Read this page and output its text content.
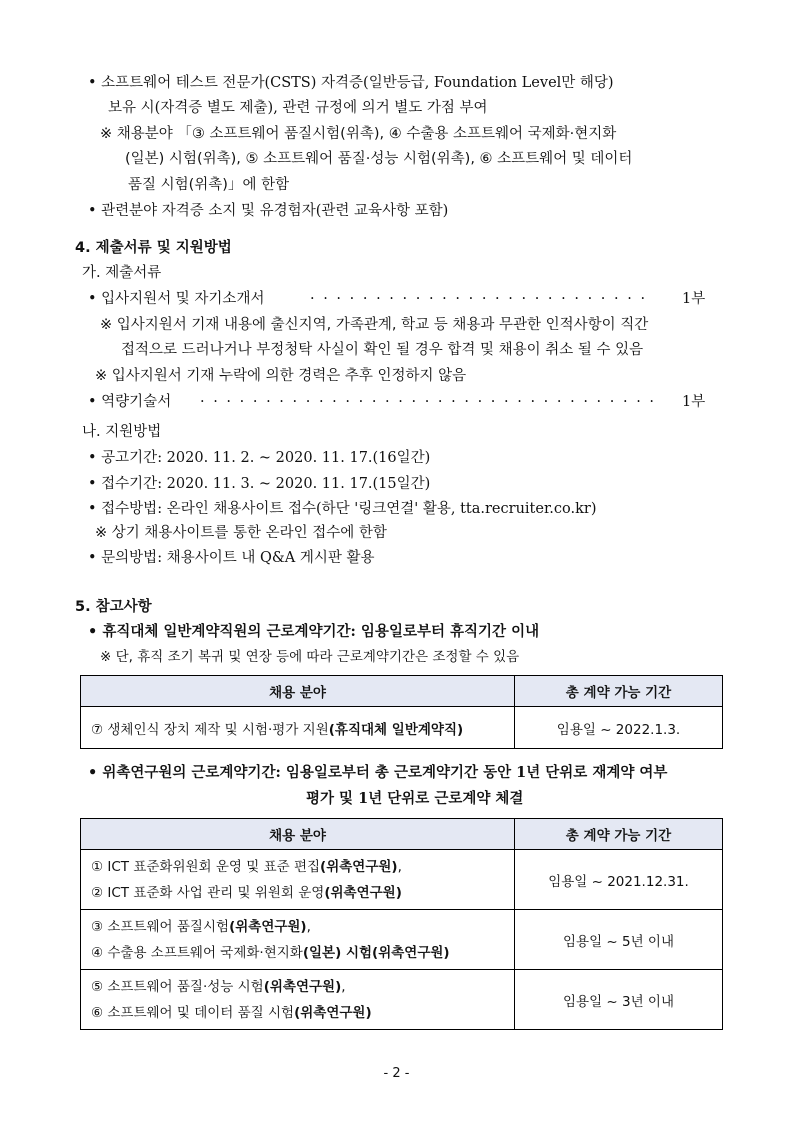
• 소프트웨어 테스트 전문가(CSTS) 자격증(일반등급, Foundation Level만 해당)
보유 시(자격증 별도 제출), 관련 규정에 의거 별도 가점 부여
※ 채용분야 「③ 소프트웨어 품질시험(위촉), ④ 수출용 소프트웨어 국제화·현지화
(일본) 시험(위촉), ⑤ 소프트웨어 품질·성능 시험(위촉), ⑥ 소프트웨어 및 데이터
품질 시험(위촉)」에 한함
• 관련분야 자격증 소지 및 유경험자(관련 교육사항 포함)
4. 제출서류 및 지원방법
가. 제출서류
• 입사지원서 및 자기소개서	· · · · · · · · · · · · · · · · · · · · · · · · · · 1부
※ 입사지원서 기재 내용에 출신지역, 가족관계, 학교 등 채용과 무관한 인적사항이 직간
접적으로 드러나거나 부정청탁 사실이 확인 될 경우 합격 및 채용이 취소 될 수 있음
※ 입사지원서 기재 누락에 의한 경력은 추후 인정하지 않음
• 역량기술서 · · · · · · · · · · · · · · · · · · · · · · · · · · · · · · · · · · · 1부
나. 지원방법
• 공고기간: 2020. 11. 2. ~ 2020. 11. 17.(16일간)
• 접수기간: 2020. 11. 3. ~ 2020. 11. 17.(15일간)
• 접수방법: 온라인 채용사이트 접수(하단 '링크연결' 활용, tta.recruiter.co.kr)
※ 상기 채용사이트를 통한 온라인 접수에 한함
• 문의방법: 채용사이트 내 Q&A 게시판 활용
5. 참고사항
• 휴직대체 일반계약직원의 근로계약기간: 임용일로부터 휴직기간 이내
※ 단, 휴직 조기 복귀 및 연장 등에 따라 근로계약기간은 조정할 수 있음
채용 분야	총 계약 가능 기간
⑦ 생체인식 장치 제작 및 시험·평가 지원(휴직대체 일반계약직)	임용일 ~ 2022.1.3.
• 위촉연구원의 근로계약기간: 임용일로부터 총 근로계약기간 동안 1년 단위로 재계약 여부
평가 및 1년 단위로 근로계약 체결
채용 분야	총 계약 가능 기간

① ICT 표준화위원회 운영 및 표준 편집(위촉연구원),
② ICT 표준화 사업 관리 및 위원회 운영(위촉연구원)	임용일 ~ 2021.12.31.

③ 소프트웨어 품질시험(위촉연구원),
④ 수출용 소프트웨어 국제화·현지화(일본) 시험(위촉연구원)	임용일 ~ 5년 이내

⑤ 소프트웨어 품질·성능 시험(위촉연구원),
⑥ 소프트웨어 및 데이터 품질 시험(위촉연구원)	임용일 ~ 3년 이내
- 2 -
